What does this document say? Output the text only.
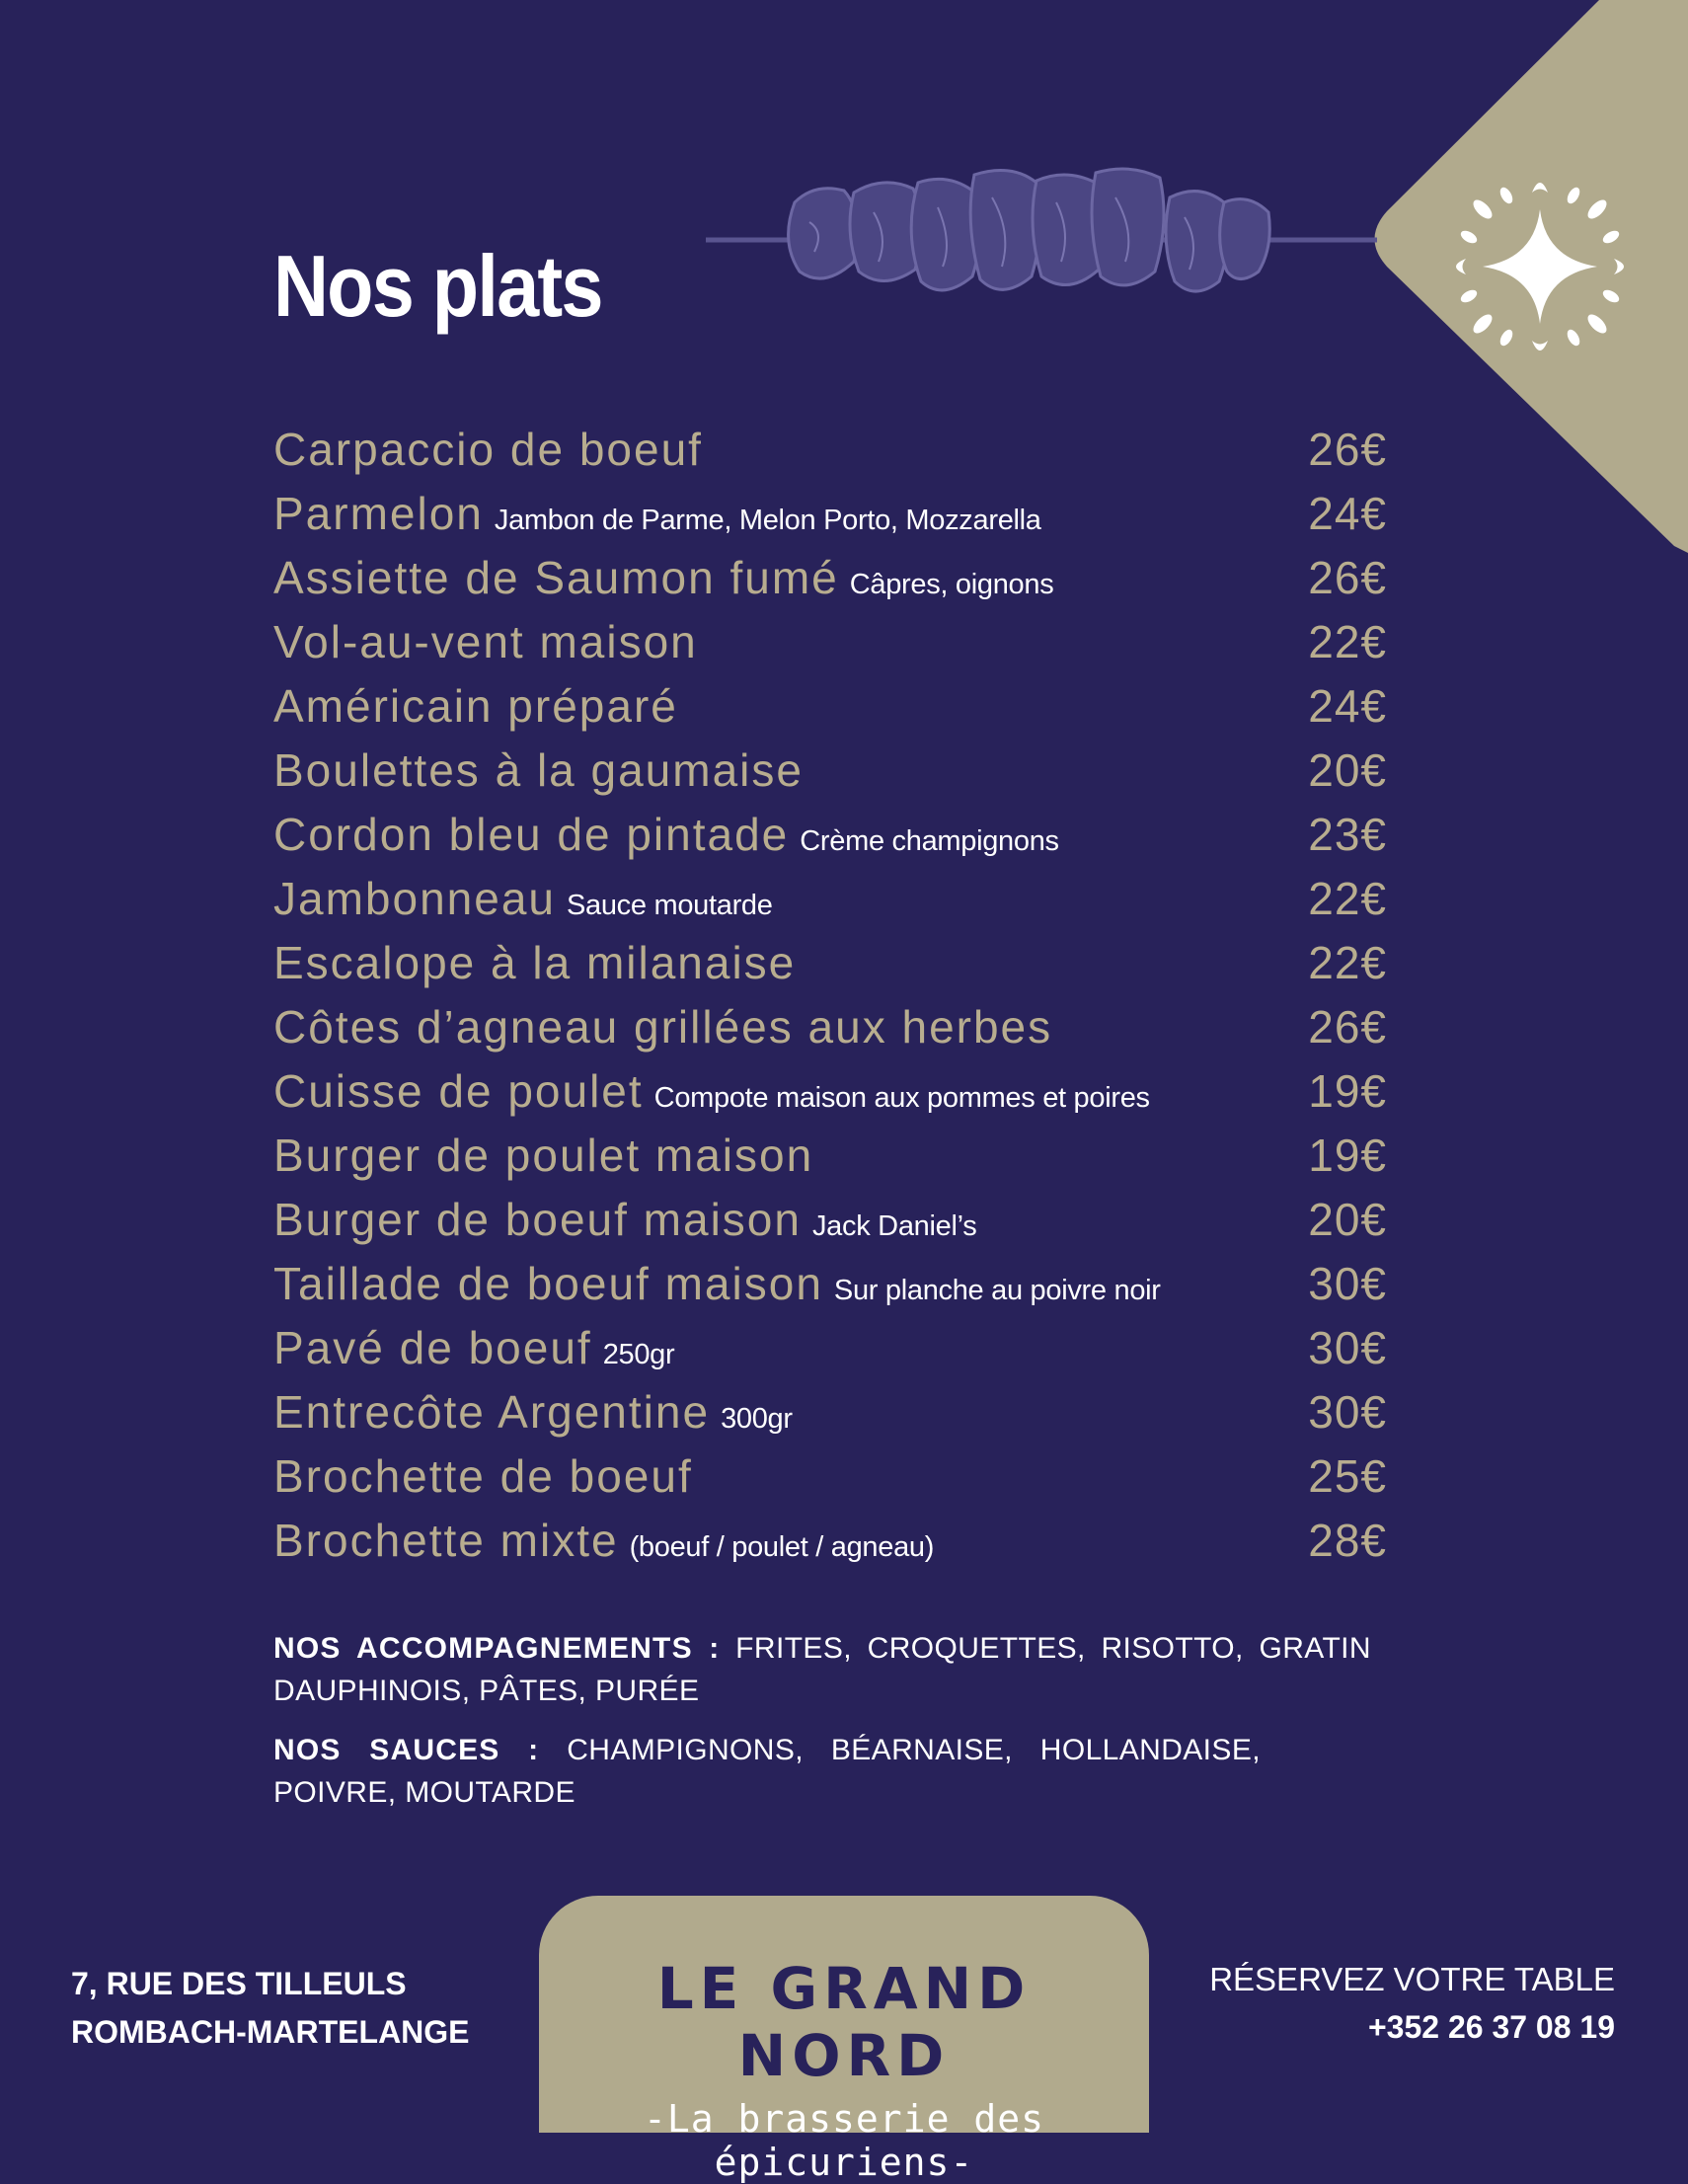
Nos plats
Carpaccio de boeuf	26€
Parmelon Jambon de Parme, Melon Porto, Mozzarella	24€
Assiette de Saumon fumé Câpres, oignons	26€
Vol-au-vent maison	22€
Américain préparé	24€
Boulettes à la gaumaise	20€
Cordon bleu de pintade Crème champignons	23€
Jambonneau Sauce moutarde	22€
Escalope à la milanaise	22€
Côtes d’agneau grillées aux herbes	26€
Cuisse de poulet Compote maison aux pommes et poires	19€
Burger de poulet maison	19€
Burger de boeuf maison Jack Daniel’s	20€
Taillade de boeuf maison Sur planche au poivre noir	30€
Pavé de boeuf 250gr	30€
Entrecôte Argentine 300gr	30€
Brochette de boeuf	25€
Brochette mixte (boeuf / poulet / agneau)	28€
NOS ACCOMPAGNEMENTS : FRITES, CROQUETTES, RISOTTO, GRATIN DAUPHINOIS, PÂTES, PURÉE
NOS SAUCES : CHAMPIGNONS, BÉARNAISE, HOLLANDAISE, POIVRE, MOUTARDE
7, RUE DES TILLEULS
ROMBACH-MARTELANGE
LE GRAND NORD
-La brasserie des épicuriens-
RÉSERVEZ VOTRE TABLE
+352 26 37 08 19
